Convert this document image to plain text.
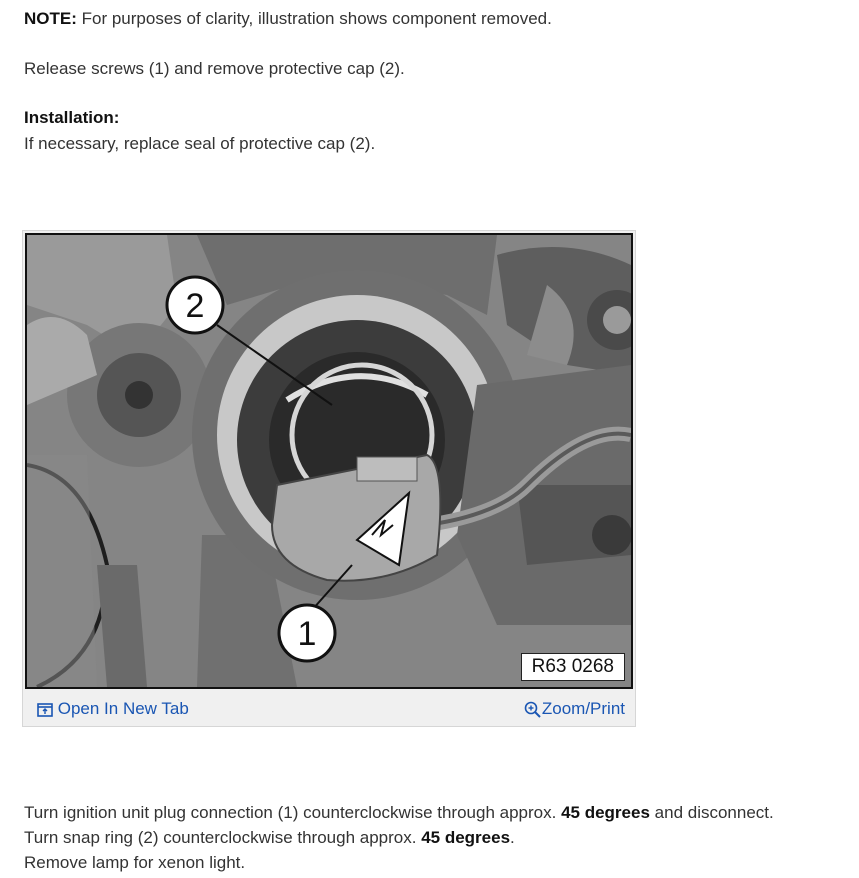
NOTE: For purposes of clarity, illustration shows component removed.
Release screws (1) and remove protective cap (2).
Installation:
If necessary, replace seal of protective cap (2).
2
1
R63 0268
Open In New Tab	Zoom/Print
Turn ignition unit plug connection (1) counterclockwise through approx. 45 degrees and disconnect.
Turn snap ring (2) counterclockwise through approx. 45 degrees.
Remove lamp for xenon light.
